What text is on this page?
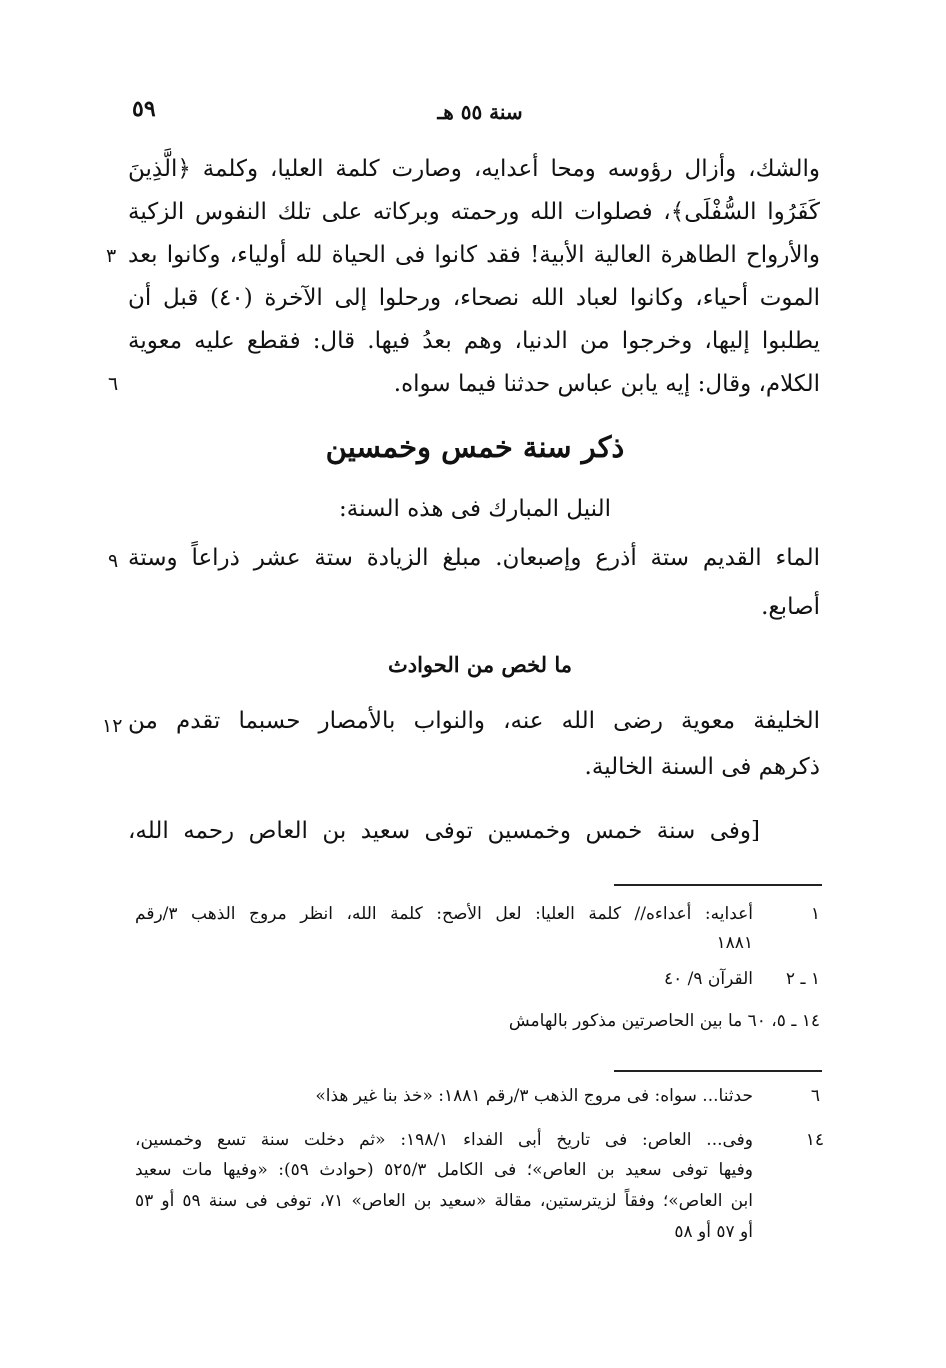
٥٩	سنة ٥٥ هـ
والشك، وأزال رؤوسه ومحا أعدايه، وصارت كلمة العليا، وكلمة ﴿الَّذِينَ
كَفَرُوا السُّفْلَى﴾، فصلوات الله ورحمته وبركاته على تلك النفوس الزكية
والأرواح الطاهرة العالية الأبية! فقد كانوا فى الحياة لله أولياء، وكانوا بعد
الموت أحياء، وكانوا لعباد الله نصحاء، ورحلوا إلى الآخرة (٤٠) قبل أن
يطلبوا إليها، وخرجوا من الدنيا، وهم بعدُ فيها. قال: فقطع عليه معوية
الكلام، وقال: إيه يابن عباس حدثنا فيما سواه.
٣
٦
٩
١٢
ذكر سنة خمس وخمسين
النيل المبارك فى هذه السنة:
الماء القديم ستة أذرع وإصبعان. مبلغ الزيادة ستة عشر ذراعاً وستة
أصابع.
ما لخص من الحوادث
الخليفة معوية رضى الله عنه، والنواب بالأمصار حسبما تقدم من
ذكرهم فى السنة الخالية.
[وفى سنة خمس وخمسين توفى سعيد بن العاص رحمه الله،
١
أعدايه: أعداءه// كلمة العليا: لعل الأصح: كلمة الله، انظر مروج الذهب ٣/رقم
١٨٨١
١ ـ ٢
القرآن ٩/ ٤٠
١٤ ـ ٥، ٦٠ ما بين الحاصرتين مذكور بالهامش
٦
حدثنا... سواه: فى مروج الذهب ٣/رقم ١٨٨١: «خذ بنا غير هذا»
١٤
وفى... العاص: فى تاريخ أبى الفداء ١٩٨/١: «ثم دخلت سنة تسع وخمسين،
وفيها توفى سعيد بن العاص»؛ فى الكامل ٥٢٥/٣ (حوادث ٥٩): «وفيها مات سعيد
ابن العاص»؛ وفقاً لزيترستين، مقالة «سعيد بن العاص» ٧١، توفى فى سنة ٥٩ أو ٥٣
أو ٥٧ أو ٥٨
